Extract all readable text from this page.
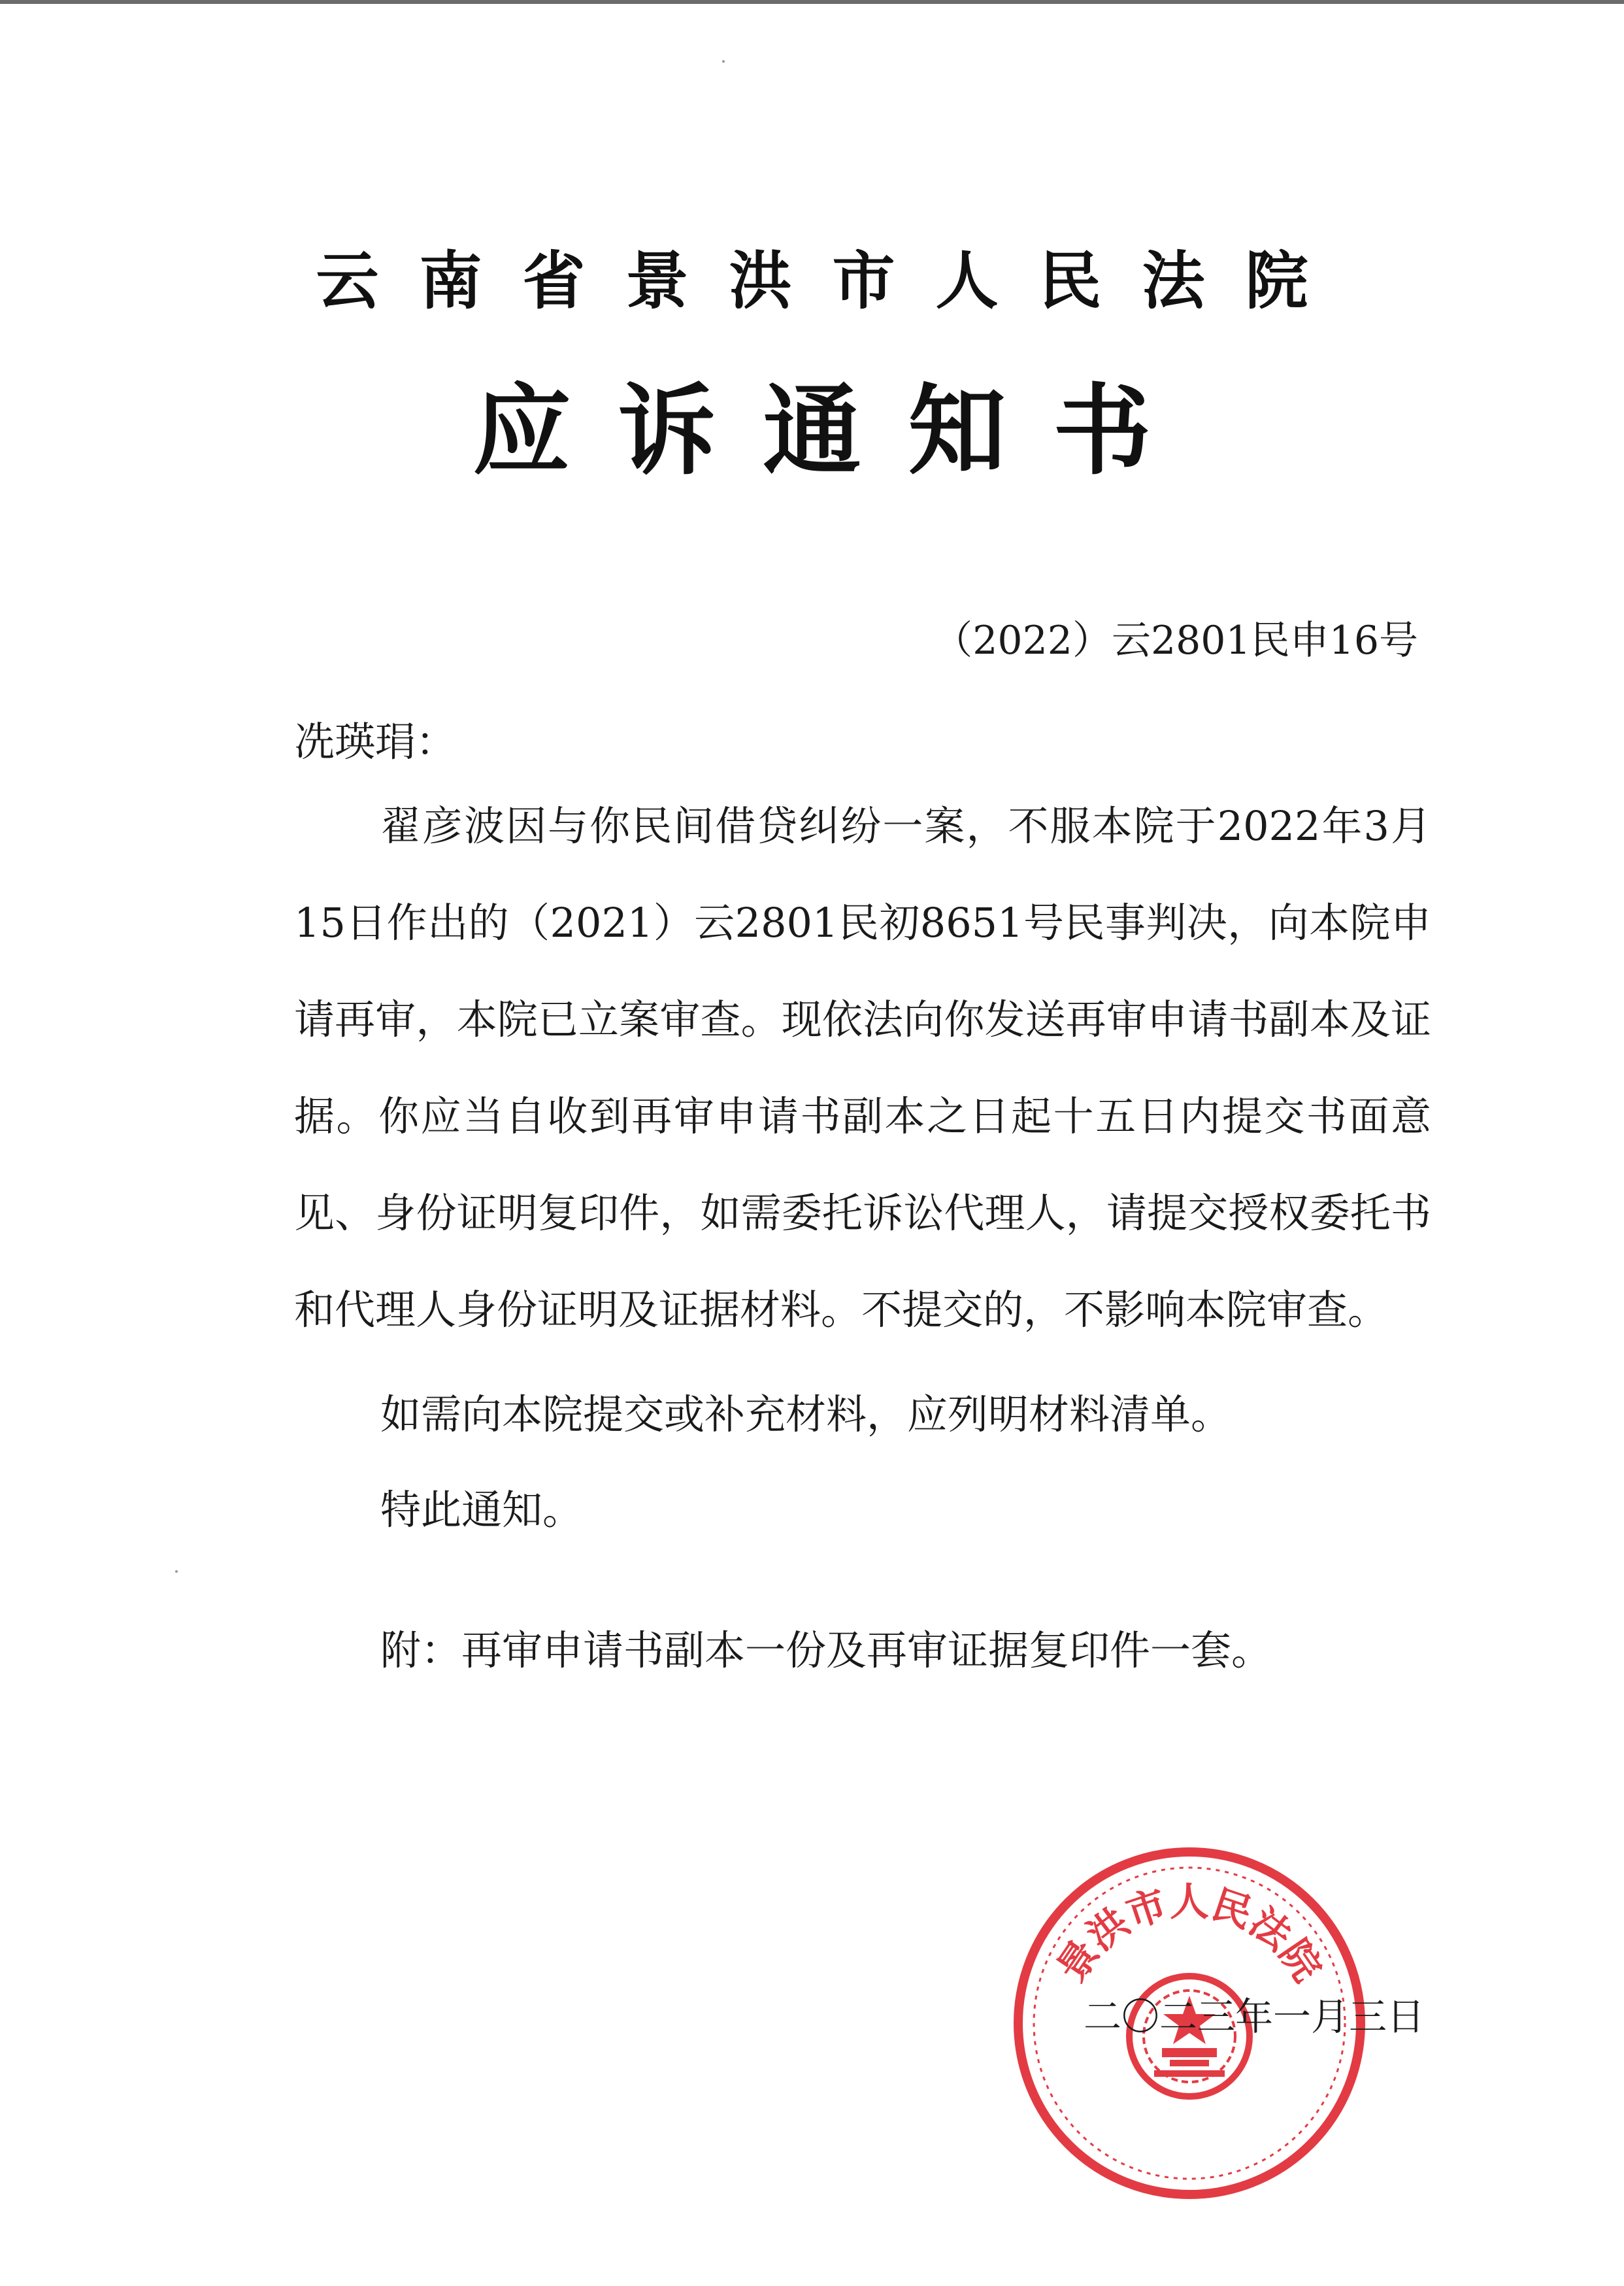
云南省景洪市人民法院
应诉通知书
（2022）云2801民申16号
冼瑛琄：

翟彦波因与你民间借贷纠纷一案，不服本院于2022年3月15日作出的（2021）云2801民初8651号民事判决，向本院申请再审，本院已立案审查。现依法向你发送再审申请书副本及证据。你应当自收到再审申请书副本之日起十五日内提交书面意见、身份证明复印件，如需委托诉讼代理人，请提交授权委托书和代理人身份证明及证据材料。不提交的，不影响本院审查。

如需向本院提交或补充材料，应列明材料清单。

特此通知。

附：再审申请书副本一份及再审证据复印件一套。
景洪市人民法院
二〇二三年一月三日
